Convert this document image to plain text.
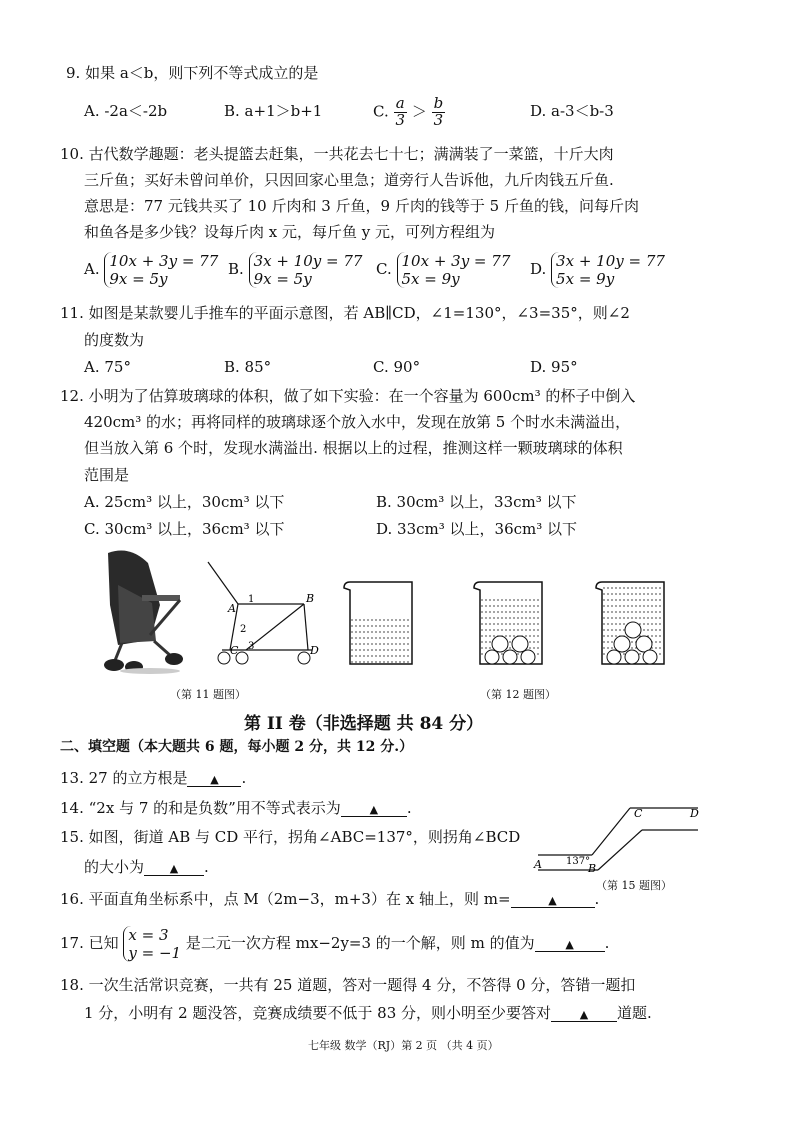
9. 如果 a＜b，则下列不等式成立的是
A. -2a＜-2b	B. a+1＞b+1	C. $\frac{a}{3} > \frac{b}{3}$	D. a-3＜b-3
10. 古代数学趣题：老头提篮去赶集，一共花去七十七；满满装了一菜篮，十斤大肉
三斤鱼；买好未曾问单价，只因回家心里急；道旁行人告诉他，九斤肉钱五斤鱼.
意思是：77 元钱共买了 10 斤肉和 3 斤鱼，9 斤肉的钱等于 5 斤鱼的钱，问每斤肉
和鱼各是多少钱？设每斤肉 x 元，每斤鱼 y 元，可列方程组为
A. 10x + 3y = 77
9x = 5y
B. 3x + 10y = 77
9x = 5y
C. 10x + 3y = 77
5x = 9y
D. 3x + 10y = 77
5x = 9y
11. 如图是某款婴儿手推车的平面示意图，若 AB∥CD，∠1=130°，∠3=35°，则∠2
的度数为
A. 75°	B. 85°	C. 90°	D. 95°
12. 小明为了估算玻璃球的体积，做了如下实验：在一个容量为 600cm³ 的杯子中倒入
420cm³ 的水；再将同样的玻璃球逐个放入水中，发现在放第 5 个时水未满溢出，
但当放入第 6 个时，发现水满溢出. 根据以上的过程，推测这样一颗玻璃球的体积
范围是
A. 25cm³ 以上，30cm³ 以下	B. 30cm³ 以上，33cm³ 以下
C. 30cm³ 以上，36cm³ 以下	D. 33cm³ 以上，36cm³ 以下
A
B
C	D
1
2
3
（第 11 题图）	（第 12 题图）
第 II 卷（非选择题 共 84 分）
二、填空题（本大题共 6 题，每小题 2 分，共 12 分.）
13. 27 的立方根是 ▲ .
14. “2x 与 7 的和是负数”用不等式表示为	▲ .
15. 如图，街道 AB 与 CD 平行，拐角∠ABC=137°，则拐角∠BCD
的大小为 ▲ .	A	B
C	D
137°
（第 15 题图）
16. 平面直角坐标系中，点 M（2m−3，m+3）在 x 轴上，则 m=	▲	.
17. 已知 x = 3
y = −1
是二元一次方程 mx−2y=3 的一个解，则 m 的值为	▲ .
18. 一次生活常识竞赛，一共有 25 道题，答对一题得 4 分，不答得 0 分，答错一题扣
1 分，小明有 2 题没答，竞赛成绩要不低于 83 分，则小明至少要答对	▲ 道题.
七年级 数学（RJ）第 2 页 （共 4 页）
